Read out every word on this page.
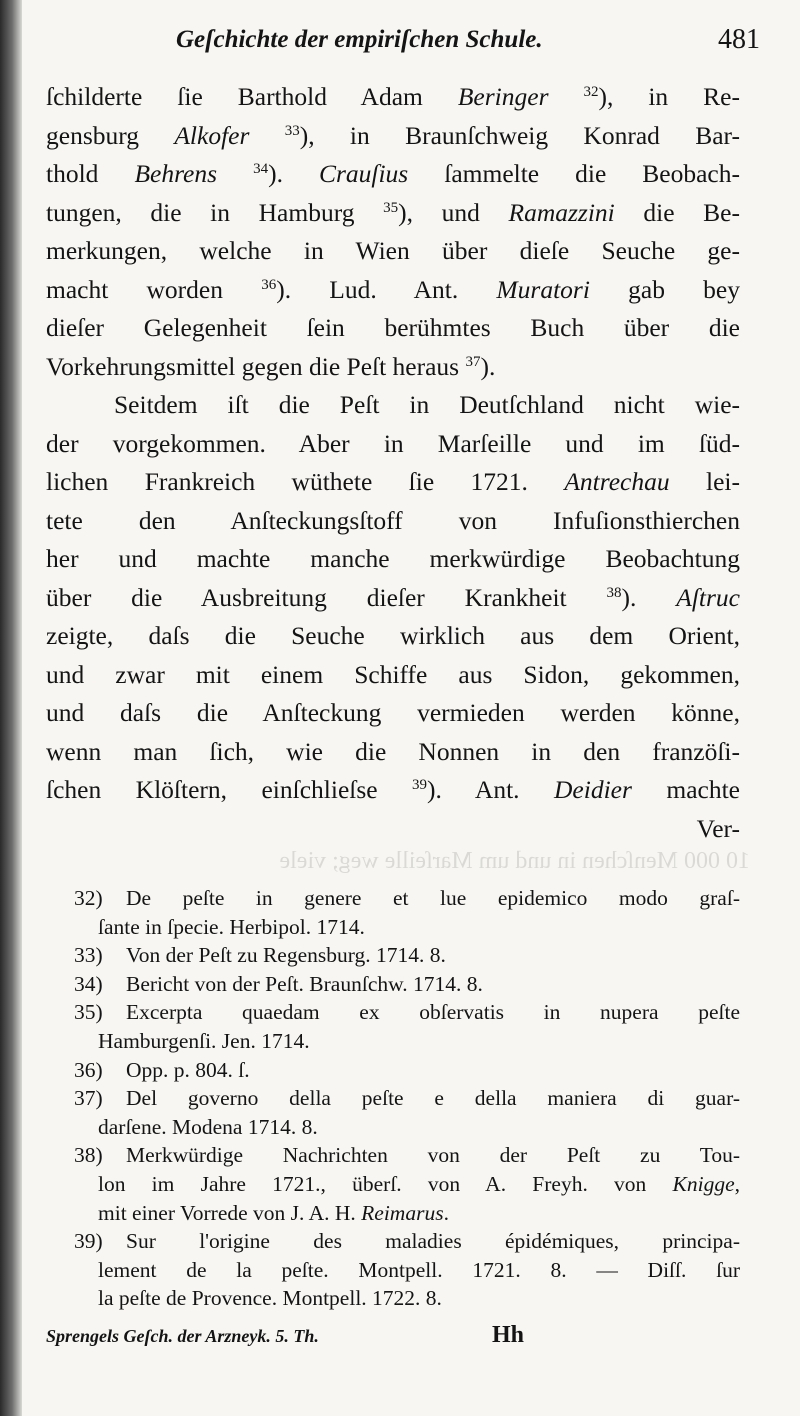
Geſchichte der empiriſchen Schule.	481
ſchilderte ſie Barthold Adam Beringer $^{32}$), in Re-
gensburg Alkofer $^{33}$), in Braunſchweig Konrad Bar-
thold Behrens $^{34}$). Crauſius ſammelte die Beobach-
tungen, die in Hamburg $^{35}$), und Ramazzini die Be-
merkungen, welche in Wien über dieſe Seuche ge-
macht worden $^{36}$). Lud. Ant. Muratori gab bey
dieſer Gelegenheit ſein berühmtes Buch über die
Vorkehrungsmittel gegen die Peſt heraus $^{37}$).
Seitdem iſt die Peſt in Deutſchland nicht wie-
der vorgekommen. Aber in Marſeille und im ſüd-
lichen Frankreich wüthete ſie 1721. Antrechau lei-
tete den Anſteckungsſtoff von Infuſionsthierchen
her und machte manche merkwürdige Beobachtung
über die Ausbreitung dieſer Krankheit $^{38}$). Aſtruc
zeigte, daſs die Seuche wirklich aus dem Orient,
und zwar mit einem Schiffe aus Sidon, gekommen,
und daſs die Anſteckung vermieden werden könne,
wenn man ſich, wie die Nonnen in den franzöſi-
ſchen Klöſtern, einſchlieſse $^{39}$). Ant. Deidier machte
Ver-
10 000 Menſchen in und um Marſeille weg; viele
32) De peſte in genere et lue epidemico modo graſ-
ſante in ſpecie. Herbipol. 1714.
33) Von der Peſt zu Regensburg. 1714. 8.
34) Bericht von der Peſt. Braunſchw. 1714. 8.
35) Excerpta quaedam ex obſervatis in nupera peſte
Hamburgenſi. Jen. 1714.
36) Opp. p. 804. ſ.
37) Del governo della peſte e della maniera di guar-
darſene. Modena 1714. 8.
38) Merkwürdige Nachrichten von der Peſt zu Tou-
lon im Jahre 1721., überſ. von A. Freyh. von Knigge,
mit einer Vorrede von J. A. H. Reimarus.
39) Sur l'origine des maladies épidémiques, principa-
lement de la peſte. Montpell. 1721. 8. — Diſſ. ſur
la peſte de Provence. Montpell. 1722. 8.
Sprengels Geſch. der Arzneyk. 5. Th.	Hh
